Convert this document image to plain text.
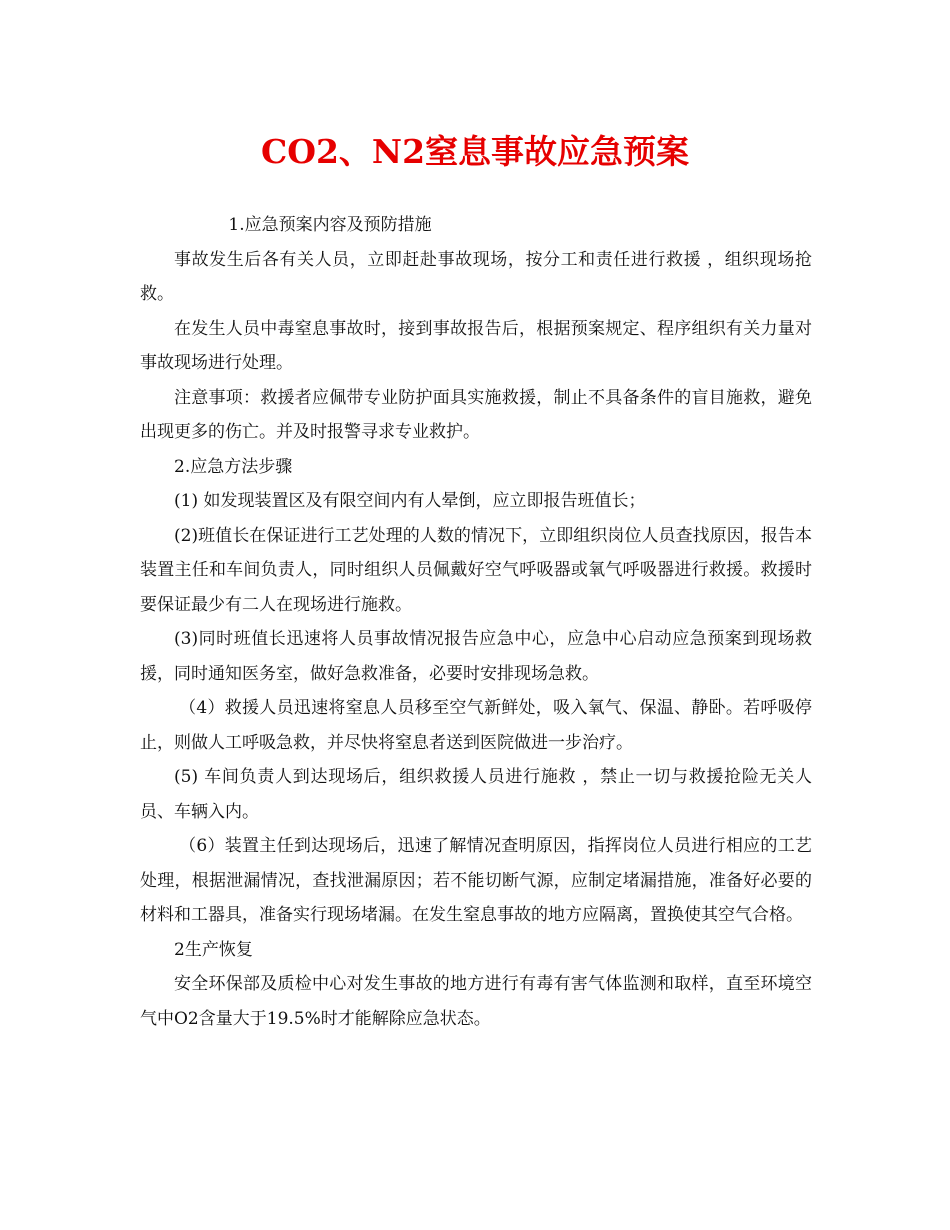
CO2、N2窒息事故应急预案

1.应急预案内容及预防措施

事故发生后各有关人员，立即赶赴事故现场，按分工和责任进行救援 ，组织现场抢救。

在发生人员中毒窒息事故时，接到事故报告后，根据预案规定、程序组织有关力量对事故现场进行处理。

注意事项：救援者应佩带专业防护面具实施救援，制止不具备条件的盲目施救，避免出现更多的伤亡。并及时报警寻求专业救护。

2.应急方法步骤

(1) 如发现装置区及有限空间内有人晕倒，应立即报告班值长；

(2)班值长在保证进行工艺处理的人数的情况下，立即组织岗位人员查找原因，报告本装置主任和车间负责人，同时组织人员佩戴好空气呼吸器或氧气呼吸器进行救援。救援时要保证最少有二人在现场进行施救。

(3)同时班值长迅速将人员事故情况报告应急中心，应急中心启动应急预案到现场救援，同时通知医务室，做好急救准备，必要时安排现场急救。

（4）救援人员迅速将窒息人员移至空气新鲜处，吸入氧气、保温、静卧。若呼吸停止，则做人工呼吸急救，并尽快将窒息者送到医院做进一步治疗。

(5) 车间负责人到达现场后，组织救援人员进行施救 ，禁止一切与救援抢险无关人员、车辆入内。

（6）装置主任到达现场后，迅速了解情况查明原因，指挥岗位人员进行相应的工艺处理，根据泄漏情况，查找泄漏原因；若不能切断气源，应制定堵漏措施，准备好必要的材料和工器具，准备实行现场堵漏。在发生窒息事故的地方应隔离，置换使其空气合格。

2生产恢复

安全环保部及质检中心对发生事故的地方进行有毒有害气体监测和取样，直至环境空气中O2含量大于19.5%时才能解除应急状态。
